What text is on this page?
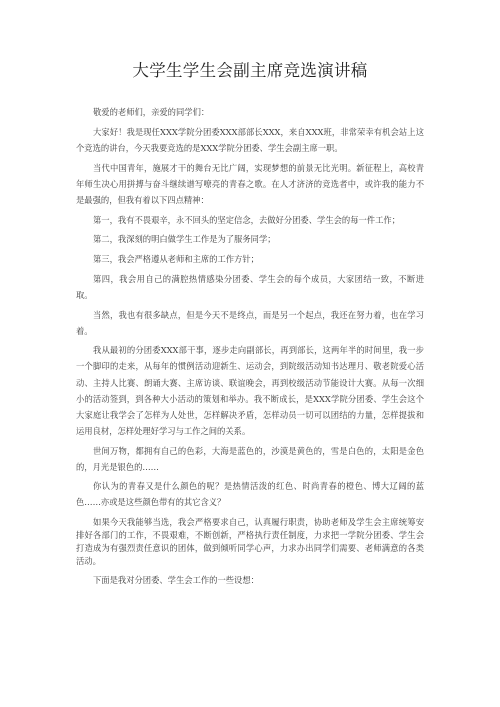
大学生学生会副主席竞选演讲稿

敬爱的老师们，亲爱的同学们：

大家好！我是现任XXX学院分团委XXX部部长XXX，来自XXX班，非常荣幸有机会站上这个竞选的讲台，今天我要竞选的是XXX学院分团委、学生会副主席一职。

当代中国青年，施展才干的舞台无比广阔，实现梦想的前景无比光明。新征程上，高校青年师生决心用拼搏与奋斗继续谱写嘹亮的青春之歌。在人才济济的竞选者中，或许我的能力不是最强的，但我有着以下四点精神：

第一，我有不畏艰辛，永不回头的坚定信念，去做好分团委、学生会的每一件工作；

第二，我深刻的明白做学生工作是为了服务同学；

第三，我会严格遵从老师和主席的工作方针；

第四，我会用自己的满腔热情感染分团委、学生会的每个成员，大家团结一致，不断进取。

当然，我也有很多缺点，但是今天不是终点，而是另一个起点，我还在努力着，也在学习着。

我从最初的分团委XXX部干事，逐步走向副部长，再到部长，这两年半的时间里，我一步一个脚印的走来，从每年的惯例活动迎新生、运动会，到院级活动知书达理月、敬老院爱心活动、主持人比赛、朗诵大赛、主席访谈、联谊晚会，再到校级活动节能设计大赛。从每一次细小的活动签到，到各种大小活动的策划和举办。我不断成长，是XXX学院分团委、学生会这个大家庭让我学会了怎样为人处世，怎样解决矛盾，怎样动员一切可以团结的力量，怎样提拔和运用良材，怎样处理好学习与工作之间的关系。

世间万物，都拥有自己的色彩，大海是蓝色的，沙漠是黄色的，雪是白色的，太阳是金色的，月光是银色的……

你认为的青春又是什么颜色的呢？是热情活泼的红色、时尚青春的橙色、博大辽阔的蓝色……亦或是这些颜色带有的其它含义？

如果今天我能够当选，我会严格要求自己，认真履行职责，协助老师及学生会主席统筹安排好各部门的工作，不畏艰难，不断创新，严格执行责任制度，力求把一学院分团委、学生会打造成为有强烈责任意识的团体，做到倾听同学心声，力求办出同学们需要、老师满意的各类活动。

下面是我对分团委、学生会工作的一些设想：
